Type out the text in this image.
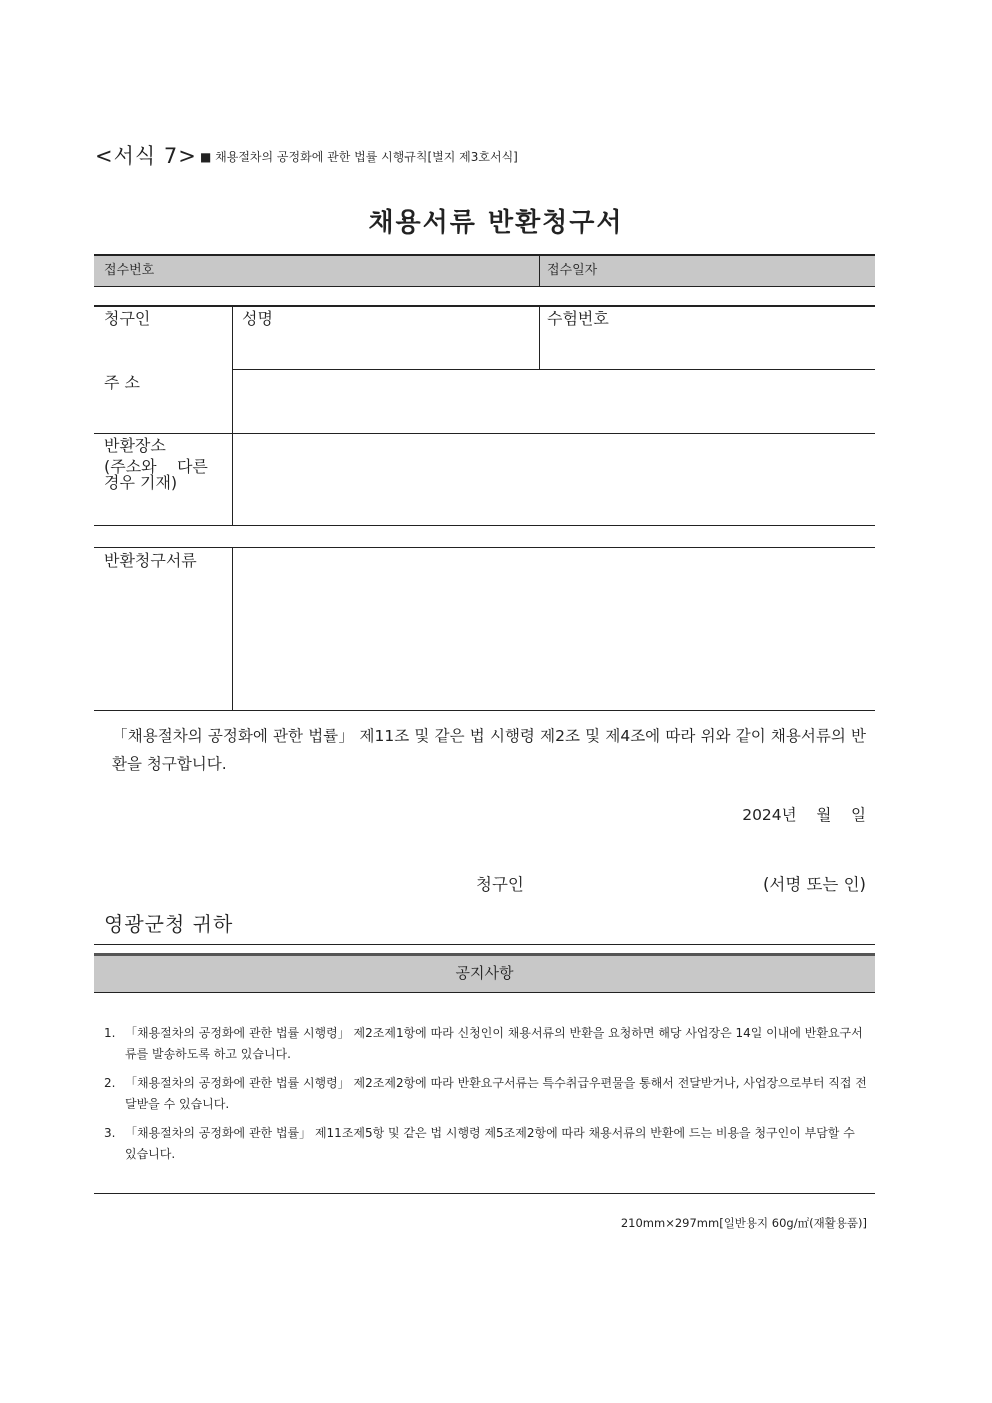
<서식 7> ■ 채용절차의 공정화에 관한 법률 시행규칙[별지 제3호서식]
채용서류 반환청구서
접수번호	접수일자
청구인	성명	수험번호
주 소
반환장소
(주소와    다른
경우 기재)
반환청구서류
「채용절차의 공정화에 관한 법률」 제11조 및 같은 법 시행령 제2조 및 제4조에 따라 위와 같이 채용서류의 반환을 청구합니다.
2024년    월    일
청구인	(서명 또는 인)
영광군청 귀하
공지사항
1. 「채용절차의 공정화에 관한 법률 시행령」 제2조제1항에 따라 신청인이 채용서류의 반환을 요청하면 해당 사업장은 14일 이내에 반환요구서류를 발송하도록 하고 있습니다.
2. 「채용절차의 공정화에 관한 법률 시행령」 제2조제2항에 따라 반환요구서류는 특수취급우편물을 통해서 전달받거나, 사업장으로부터 직접 전달받을 수 있습니다.
3. 「채용절차의 공정화에 관한 법률」 제11조제5항 및 같은 법 시행령 제5조제2항에 따라 채용서류의 반환에 드는 비용을 청구인이 부담할 수 있습니다.
210mm×297mm[일반용지 60g/㎡(재활용품)]
